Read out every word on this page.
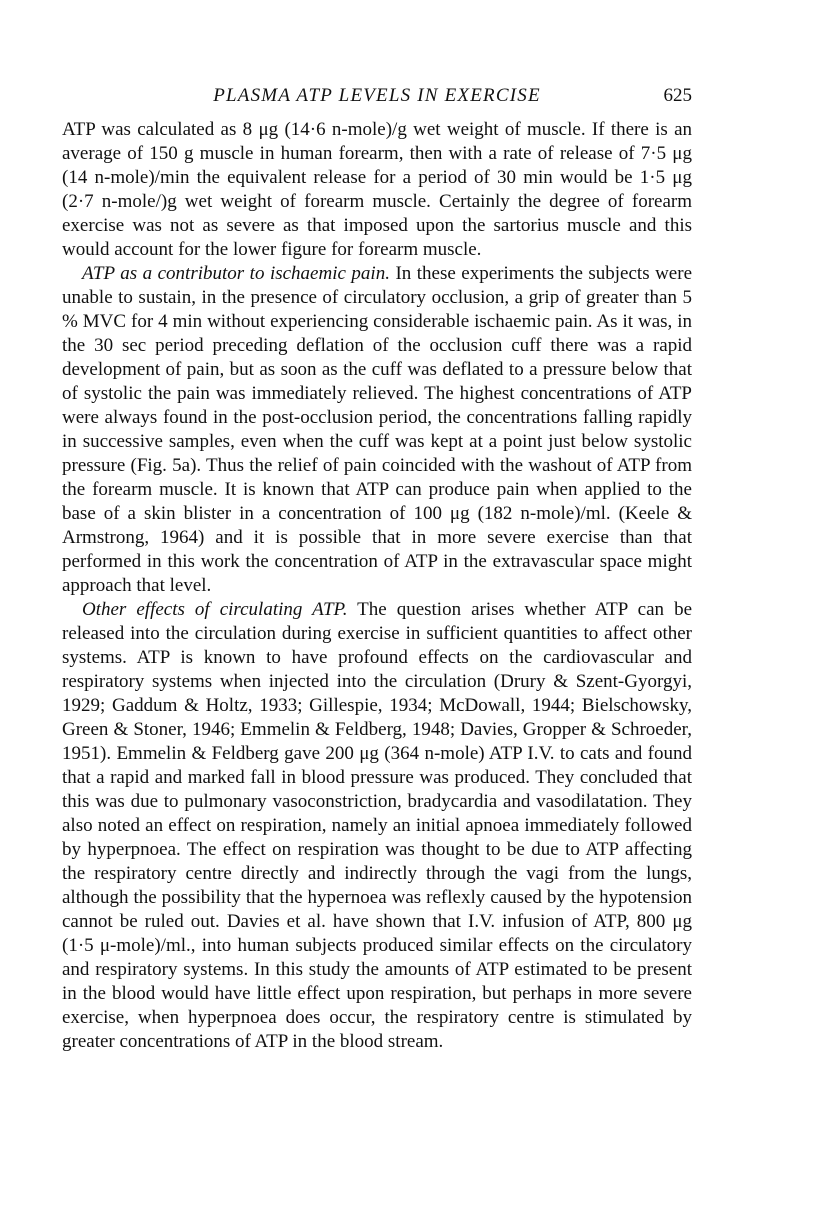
PLASMA ATP LEVELS IN EXERCISE	625

ATP was calculated as 8 μg (14·6 n-mole)/g wet weight of muscle. If there is an average of 150 g muscle in human forearm, then with a rate of release of 7·5 μg (14 n-mole)/min the equivalent release for a period of 30 min would be 1·5 μg (2·7 n-mole/)g wet weight of forearm muscle. Certainly the degree of forearm exercise was not as severe as that imposed upon the sartorius muscle and this would account for the lower figure for forearm muscle.

ATP as a contributor to ischaemic pain. In these experiments the subjects were unable to sustain, in the presence of circulatory occlusion, a grip of greater than 5 % MVC for 4 min without experiencing considerable ischaemic pain. As it was, in the 30 sec period preceding deflation of the occlusion cuff there was a rapid development of pain, but as soon as the cuff was deflated to a pressure below that of systolic the pain was immediately relieved. The highest concentrations of ATP were always found in the post-occlusion period, the concentrations falling rapidly in successive samples, even when the cuff was kept at a point just below systolic pressure (Fig. 5a). Thus the relief of pain coincided with the washout of ATP from the forearm muscle. It is known that ATP can produce pain when applied to the base of a skin blister in a concentration of 100 μg (182 n-mole)/ml. (Keele & Armstrong, 1964) and it is possible that in more severe exercise than that performed in this work the concentration of ATP in the extravascular space might approach that level.

Other effects of circulating ATP. The question arises whether ATP can be released into the circulation during exercise in sufficient quantities to affect other systems. ATP is known to have profound effects on the cardiovascular and respiratory systems when injected into the circulation (Drury & Szent-Gyorgyi, 1929; Gaddum & Holtz, 1933; Gillespie, 1934; McDowall, 1944; Bielschowsky, Green & Stoner, 1946; Emmelin & Feldberg, 1948; Davies, Gropper & Schroeder, 1951). Emmelin & Feldberg gave 200 μg (364 n-mole) ATP I.V. to cats and found that a rapid and marked fall in blood pressure was produced. They concluded that this was due to pulmonary vasoconstriction, bradycardia and vasodilatation. They also noted an effect on respiration, namely an initial apnoea immediately followed by hyperpnoea. The effect on respiration was thought to be due to ATP affecting the respiratory centre directly and indirectly through the vagi from the lungs, although the possibility that the hypernoea was reflexly caused by the hypotension cannot be ruled out. Davies et al. have shown that I.V. infusion of ATP, 800 μg (1·5 μ-mole)/ml., into human subjects produced similar effects on the circulatory and respiratory systems. In this study the amounts of ATP estimated to be present in the blood would have little effect upon respiration, but perhaps in more severe exercise, when hyperpnoea does occur, the respiratory centre is stimulated by greater concentrations of ATP in the blood stream.
